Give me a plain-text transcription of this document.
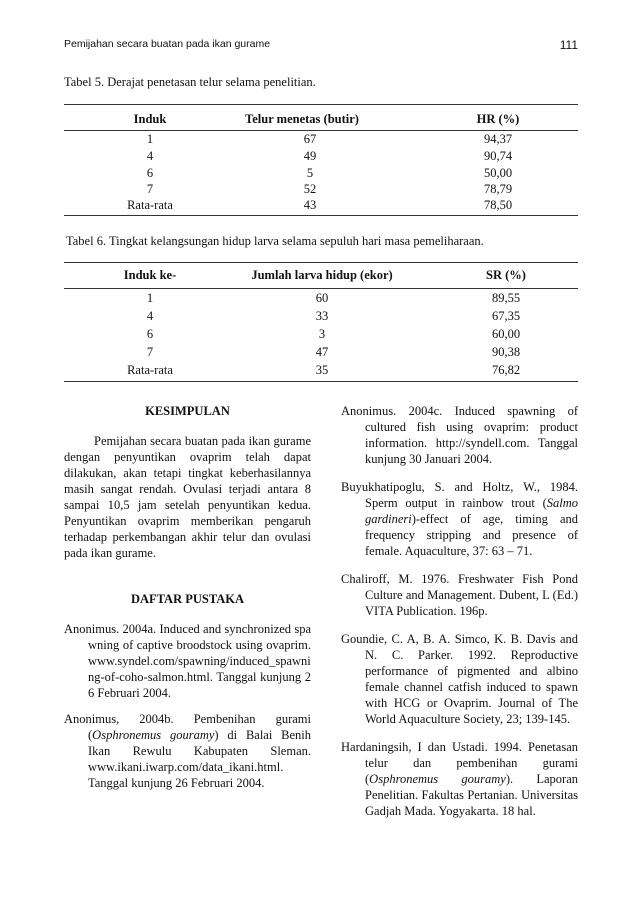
Pemijahan secara buatan pada ikan gurame	111
Tabel 5. Derajat penetasan telur selama penelitian.
Induk	Telur menetas (butir)	HR (%)
1	67	94,37
4	49	90,74
6	5	50,00
7	52	78,79
Rata-rata	43	78,50
Tabel 6. Tingkat kelangsungan hidup larva selama sepuluh hari masa pemeliharaan.
Induk ke-	Jumlah larva hidup (ekor)	SR (%)
1	60	89,55
4	33	67,35
6	3	60,00
7	47	90,38
Rata-rata	35	76,82
KESIMPULAN

Pemijahan secara buatan pada ikan gurame dengan penyuntikan ovaprim telah dapat dilakukan, akan tetapi tingkat keberhasilannya masih sangat rendah. Ovulasi terjadi antara 8 sampai 10,5 jam setelah penyuntikan kedua. Penyuntikan ovaprim memberikan pengaruh terhadap perkembangan akhir telur dan ovulasi pada ikan gurame.

DAFTAR PUSTAKA

Anonimus. 2004a. Induced and synchronized spawning of captive broodstock using ovaprim. www.syndel.com/spawning/induced_spawning-of-coho-salmon.html. Tanggal kunjung 26 Februari 2004.

Anonimus, 2004b. Pembenihan gurami (Osphronemus gouramy) di Balai Benih Ikan Rewulu Kabupaten Sleman. www.ikani.iwarp.com/data_ikani.html. Tanggal kunjung 26 Februari 2004.

Anonimus. 2004c. Induced spawning of cultured fish using ovaprim: product information. http://syndell.com. Tanggal kunjung 30 Januari 2004.

Buyukhatipoglu, S. and Holtz, W., 1984. Sperm output in rainbow trout (Salmo gardineri)-effect of age, timing and frequency stripping and presence of female. Aquaculture, 37: 63 – 71.

Chaliroff, M. 1976. Freshwater Fish Pond Culture and Management. Dubent, L (Ed.) VITA Publication. 196p.

Goundie, C. A, B. A. Simco, K. B. Davis and N. C. Parker. 1992. Reproductive performance of pigmented and albino female channel catfish induced to spawn with HCG or Ovaprim. Journal of The World Aquaculture Society, 23; 139-145.

Hardaningsih, I dan Ustadi. 1994. Penetasan telur dan pembenihan gurami (Osphronemus gouramy). Laporan Penelitian. Fakultas Pertanian. Universitas Gadjah Mada. Yogyakarta. 18 hal.
